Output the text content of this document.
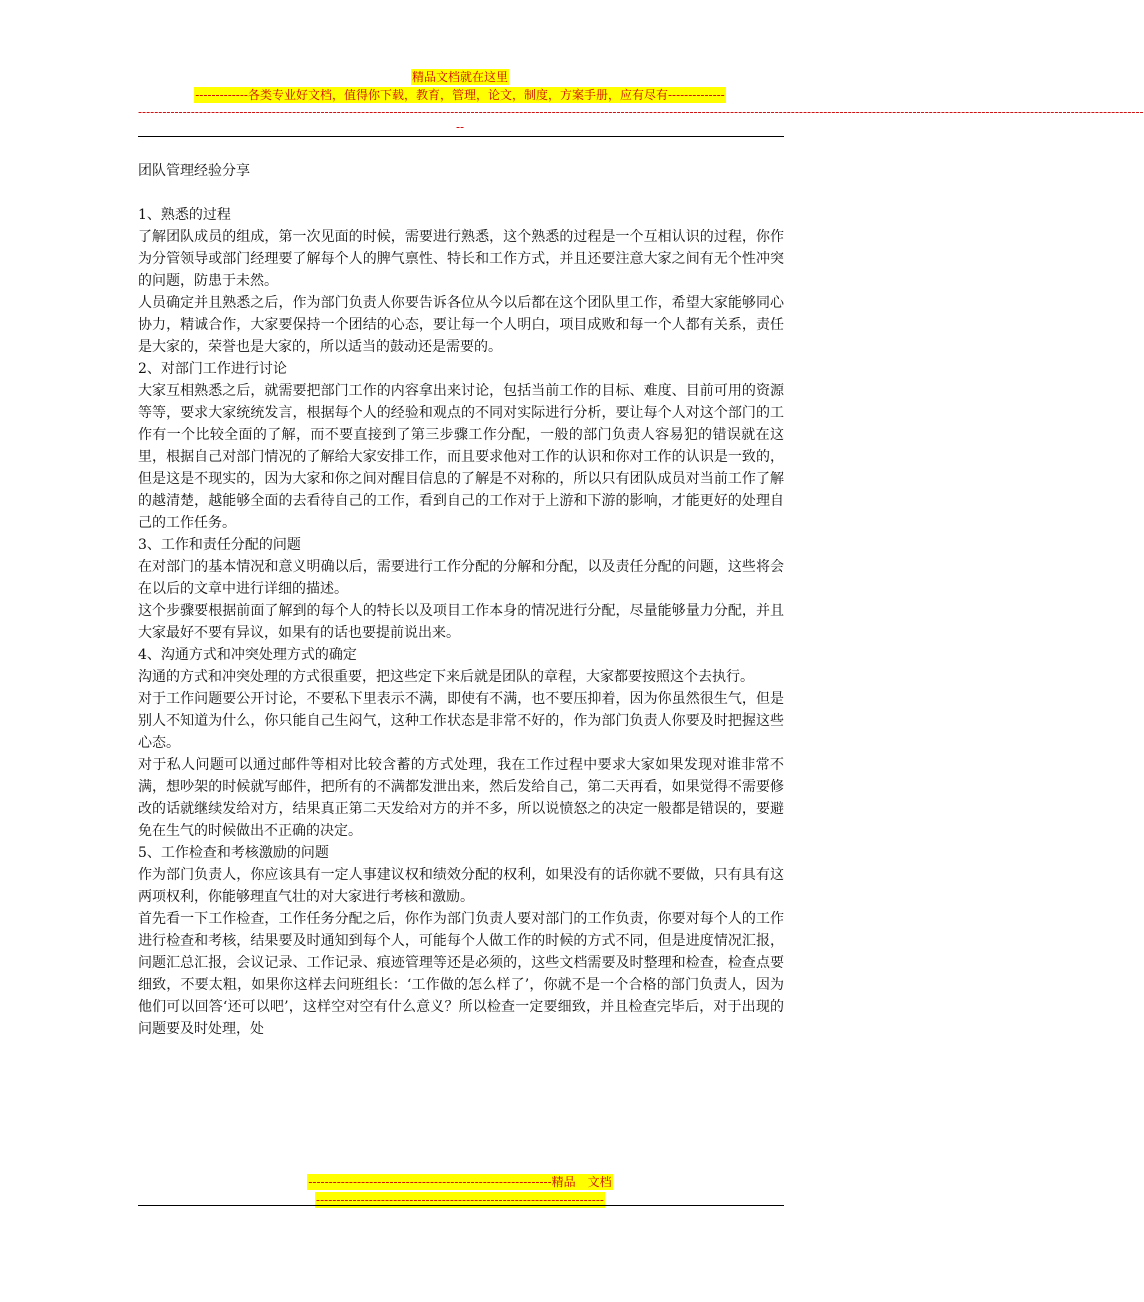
精品文档就在这里
-------------各类专业好文档，值得你下载，教育，管理，论文，制度，方案手册，应有尽有--------------
--------------------------------------------------------------------------------------------------------------------------------------------------------------------------------------------------------------------------------------------------------
--

团队管理经验分享

1、熟悉的过程

了解团队成员的组成，第一次见面的时候，需要进行熟悉，这个熟悉的过程是一个互相认识的过程，你作为分管领导或部门经理要了解每个人的脾气禀性、特长和工作方式，并且还要注意大家之间有无个性冲突的问题，防患于未然。

人员确定并且熟悉之后，作为部门负责人你要告诉各位从今以后都在这个团队里工作，希望大家能够同心协力，精诚合作，大家要保持一个团结的心态，要让每一个人明白，项目成败和每一个人都有关系，责任是大家的，荣誉也是大家的，所以适当的鼓动还是需要的。

2、对部门工作进行讨论

大家互相熟悉之后，就需要把部门工作的内容拿出来讨论，包括当前工作的目标、难度、目前可用的资源等等，要求大家统统发言，根据每个人的经验和观点的不同对实际进行分析，要让每个人对这个部门的工作有一个比较全面的了解，而不要直接到了第三步骤工作分配，一般的部门负责人容易犯的错误就在这里，根据自己对部门情况的了解给大家安排工作，而且要求他对工作的认识和你对工作的认识是一致的，但是这是不现实的，因为大家和你之间对醒目信息的了解是不对称的，所以只有团队成员对当前工作了解的越清楚，越能够全面的去看待自己的工作，看到自己的工作对于上游和下游的影响，才能更好的处理自己的工作任务。

3、工作和责任分配的问题

在对部门的基本情况和意义明确以后，需要进行工作分配的分解和分配，以及责任分配的问题，这些将会在以后的文章中进行详细的描述。

这个步骤要根据前面了解到的每个人的特长以及项目工作本身的情况进行分配，尽量能够量力分配，并且大家最好不要有异议，如果有的话也要提前说出来。

4、沟通方式和冲突处理方式的确定

沟通的方式和冲突处理的方式很重要，把这些定下来后就是团队的章程，大家都要按照这个去执行。

对于工作问题要公开讨论，不要私下里表示不满，即使有不满，也不要压抑着，因为你虽然很生气，但是别人不知道为什么，你只能自己生闷气，这种工作状态是非常不好的，作为部门负责人你要及时把握这些心态。

对于私人问题可以通过邮件等相对比较含蓄的方式处理，我在工作过程中要求大家如果发现对谁非常不满，想吵架的时候就写邮件，把所有的不满都发泄出来，然后发给自己，第二天再看，如果觉得不需要修改的话就继续发给对方，结果真正第二天发给对方的并不多，所以说愤怒之的决定一般都是错误的，要避免在生气的时候做出不正确的决定。

5、工作检查和考核激励的问题

作为部门负责人，你应该具有一定人事建议权和绩效分配的权利，如果没有的话你就不要做，只有具有这两项权利，你能够理直气壮的对大家进行考核和激励。

首先看一下工作检查，工作任务分配之后，你作为部门负责人要对部门的工作负责，你要对每个人的工作进行检查和考核，结果要及时通知到每个人，可能每个人做工作的时候的方式不同，但是进度情况汇报，问题汇总汇报，会议记录、工作记录、痕迹管理等还是必须的，这些文档需要及时整理和检查，检查点要细致，不要太粗，如果你这样去问班组长：‘工作做的怎么样了’，你就不是一个合格的部门负责人，因为他们可以回答‘还可以吧’，这样空对空有什么意义？所以检查一定要细致，并且检查完毕后，对于出现的问题要及时处理，处

------------------------------------------------------------精品　文档
-----------------------------------------------------------------------
